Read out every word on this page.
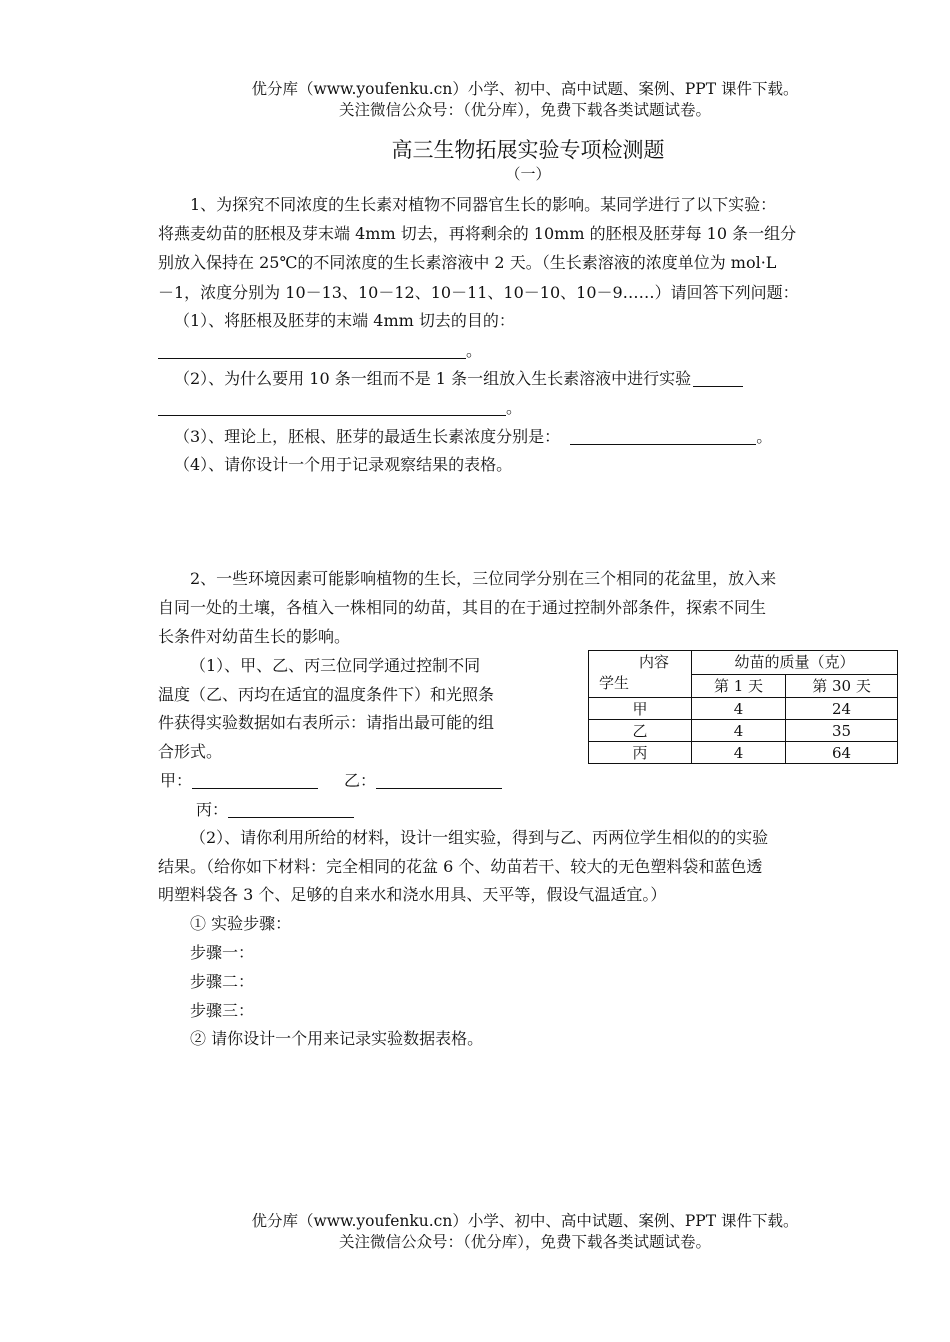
优分库（www.youfenku.cn）小学、初中、高中试题、案例、PPT 课件下载。
关注微信公众号：（优分库），免费下载各类试题试卷。
高三生物拓展实验专项检测题
（一）
1、为探究不同浓度的生长素对植物不同器官生长的影响。某同学进行了以下实验：
将燕麦幼苗的胚根及芽末端 4mm 切去，再将剩余的 10mm 的胚根及胚芽每 10 条一组分
别放入保持在 25℃的不同浓度的生长素溶液中 2 天。（生长素溶液的浓度单位为 mol·L
－1，浓度分别为 10－13、10－12、10－11、10－10、10－9……）请回答下列问题：
（1）、将胚根及胚芽的末端 4mm 切去的目的：
。
（2）、为什么要用 10 条一组而不是 1 条一组放入生长素溶液中进行实验
。
（3）、理论上，胚根、胚芽的最适生长素浓度分别是：	。
（4）、请你设计一个用于记录观察结果的表格。
2、一些环境因素可能影响植物的生长，三位同学分别在三个相同的花盆里，放入来
自同一处的土壤，各植入一株相同的幼苗，其目的在于通过控制外部条件，探索不同生
长条件对幼苗生长的影响。
（1）、甲、乙、丙三位同学通过控制不同
温度（乙、丙均在适宜的温度条件下）和光照条
件获得实验数据如右表所示：请指出最可能的组
合形式。
甲：	乙：
丙：
内容
学生	幼苗的质量（克）	
	第 1 天	第 30 天
甲	4	24
乙	4	35
丙	4	64
（2）、请你利用所给的材料，设计一组实验，得到与乙、丙两位学生相似的的实验
结果。（给你如下材料：完全相同的花盆 6 个、幼苗若干、较大的无色塑料袋和蓝色透
明塑料袋各 3 个、足够的自来水和浇水用具、天平等，假设气温适宜。）
① 实验步骤：
步骤一：
步骤二：
步骤三：
② 请你设计一个用来记录实验数据表格。
优分库（www.youfenku.cn）小学、初中、高中试题、案例、PPT 课件下载。
关注微信公众号：（优分库），免费下载各类试题试卷。
